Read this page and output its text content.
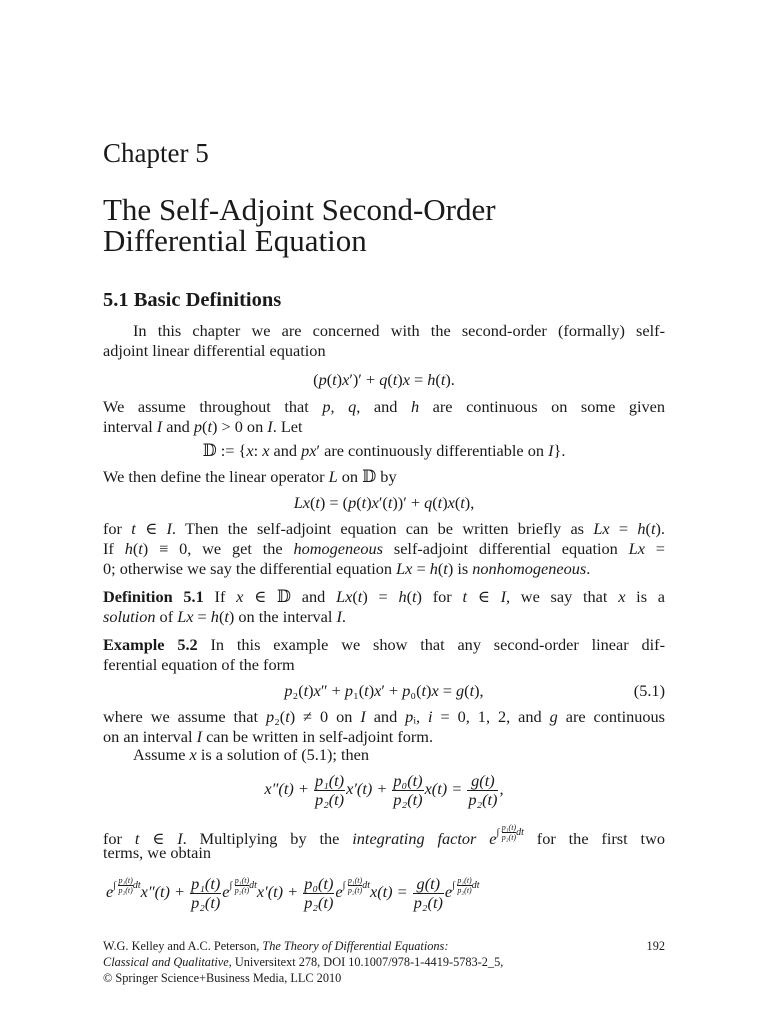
Chapter 5
The Self-Adjoint Second-Order
Differential Equation
5.1 Basic Definitions
In this chapter we are concerned with the second-order (formally) self-
adjoint linear differential equation
(p(t)x′)′ + q(t)x = h(t).
We assume throughout that p, q, and h are continuous on some given
interval I and p(t) > 0 on I. Let
𝔻 := {x: x and px′ are continuously differentiable on I}.
We then define the linear operator L on 𝔻 by
Lx(t) = (p(t)x′(t))′ + q(t)x(t),
for t ∈ I. Then the self-adjoint equation can be written briefly as Lx = h(t).
If h(t) ≡ 0, we get the homogeneous self-adjoint differential equation Lx =
0; otherwise we say the differential equation Lx = h(t) is nonhomogeneous.
Definition 5.1 If x ∈ 𝔻 and Lx(t) = h(t) for t ∈ I, we say that x is a
solution of Lx = h(t) on the interval I.
Example 5.2 In this example we show that any second-order linear dif-
ferential equation of the form
p₂(t)x″ + p₁(t)x′ + p₀(t)x = g(t),	(5.1)
where we assume that p₂(t) ≠ 0 on I and pᵢ, i = 0, 1, 2, and g are continuous
on an interval I can be written in self-adjoint form.
Assume x is a solution of (5.1); then
$x''(t) + \frac{\text{p₁(t)}}{\text{p₂(t)}} x'(t) + \frac{\text{p₀(t)}}{\text{p₂(t)}} x(t) = \frac{g(t)}{\text{p₂(t)}}$ ,
for t ∈ I. Multiplying by the integrating factor $e\int \frac{\text{p₁(t)}}{\text{p₂(t)}}$ dt for the first two
terms, we obtain
$e\int \frac{\text{p₁(t)}}{\text{p₂(t)}} dtx''(t) + \frac{\text{p₁(t)}}{\text{p₂(t)}} e\int \frac{\text{p₁(t)}}{\text{p₂(t)}} dtx'(t) + \frac{\text{p₀(t)}}{\text{p₂(t)}} e\int \frac{\text{p₁(t)}}{\text{p₂(t)}} dtx(t) = \frac{g(t)}{\text{p₂(t)}} e\int \frac{\text{p₁(t)}}{\text{p₂(t)}}$ dt
W.G. Kelley and A.C. Peterson, The Theory of Differential Equations:
Classical and Qualitative, Universitext 278, DOI 10.1007/978-1-4419-5783-2_5,
© Springer Science+Business Media, LLC 2010
192
